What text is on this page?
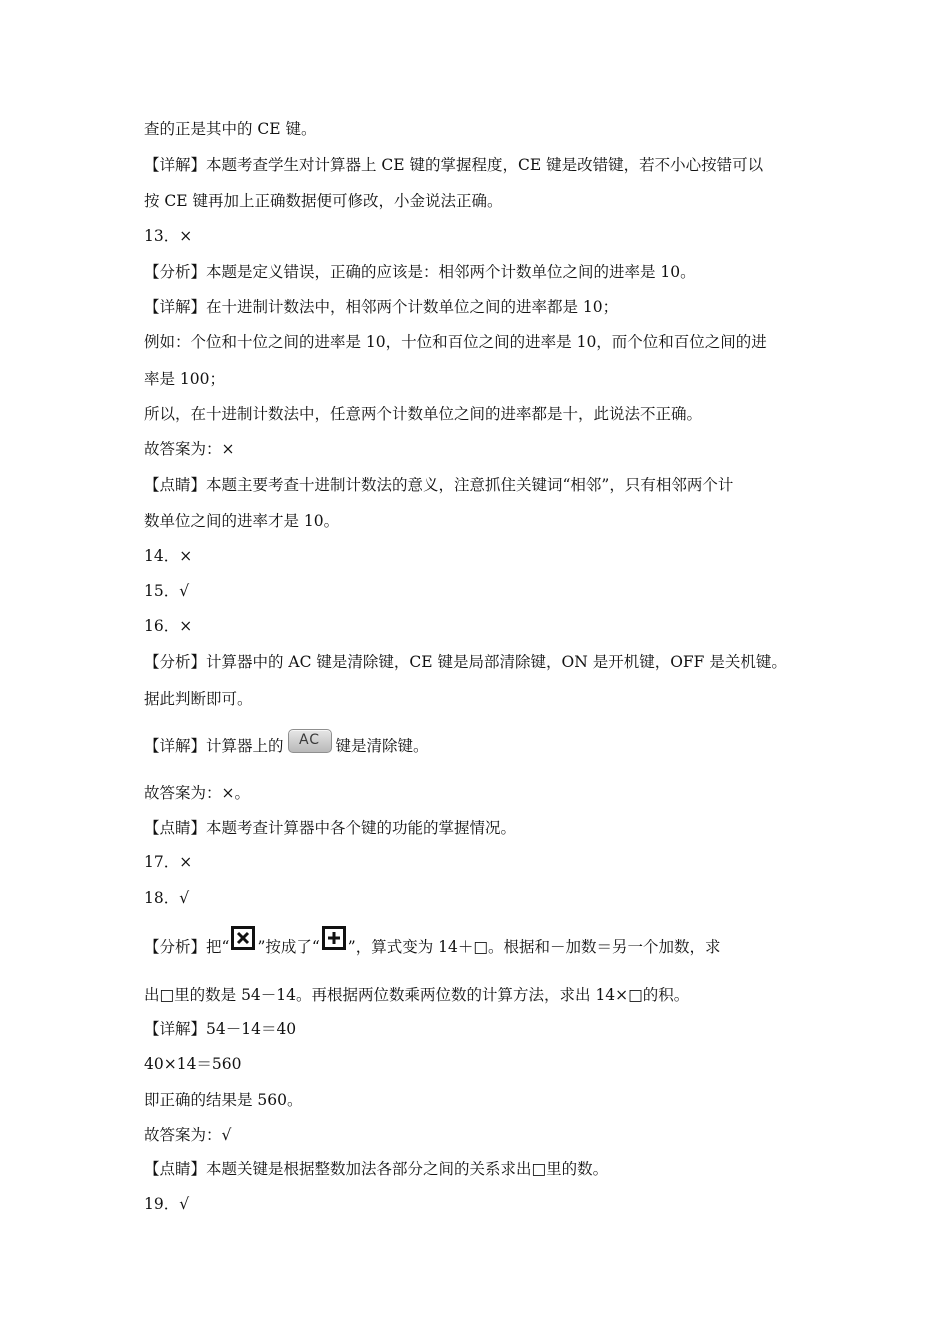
查的正是其中的 CE 键。
【详解】本题考查学生对计算器上 CE 键的掌握程度，CE 键是改错键，若不小心按错可以
按 CE 键再加上正确数据便可修改，小金说法正确。
13．×
【分析】本题是定义错误，正确的应该是：相邻两个计数单位之间的进率是 10。
【详解】在十进制计数法中，相邻两个计数单位之间的进率都是 10；
例如：个位和十位之间的进率是 10，十位和百位之间的进率是 10，而个位和百位之间的进
率是 100；
所以，在十进制计数法中，任意两个计数单位之间的进率都是十，此说法不正确。
故答案为：×
【点睛】本题主要考查十进制计数法的意义，注意抓住关键词“相邻”，只有相邻两个计
数单位之间的进率才是 10。
14．×
15．√
16．×
【分析】计算器中的 AC 键是清除键，CE 键是局部清除键，ON 是开机键，OFF 是关机键。
据此判断即可。
【详解】计算器上的 AC 键是清除键。
故答案为：×。
【点睛】本题考查计算器中各个键的功能的掌握情况。
17．×
18．√
【分析】把“ ”按成了“ ”，算式变为 14＋□。根据和－加数＝另一个加数，求
出□里的数是 54－14。再根据两位数乘两位数的计算方法，求出 14×□的积。
【详解】54－14＝40
40×14＝560
即正确的结果是 560。
故答案为：√
【点睛】本题关键是根据整数加法各部分之间的关系求出□里的数。
19．√
